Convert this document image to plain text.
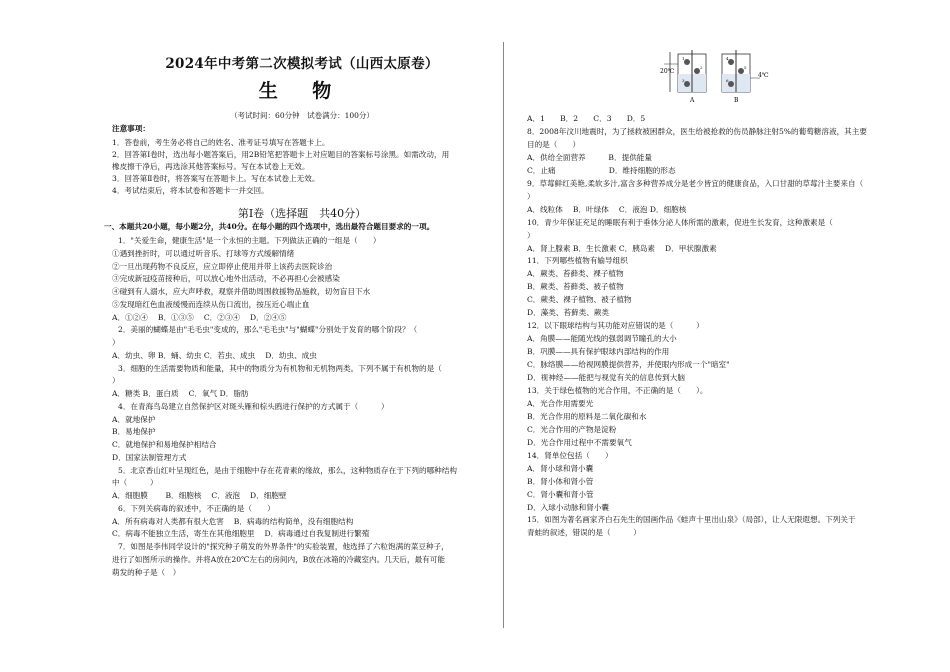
2024年中考第二次模拟考试（山西太原卷）
生 物
（考试时间：60分钟　试卷满分：100分）
注意事项：
1．答卷前，考生务必将自己的姓名、准考证号填写在答题卡上。
2．回答第Ⅰ卷时，选出每小题答案后，用2B铅笔把答题卡上对应题目的答案标号涂黑。如需改动，用
橡皮擦干净后，再选涂其他答案标号。写在本试卷上无效。
3．回答第Ⅱ卷时，将答案写在答题卡上。写在本试卷上无效。
4．考试结束后，将本试卷和答题卡一并交回。
第Ⅰ卷（选择题　共40分）
一、本题共20小题，每小题2分，共40分。在每小题的四个选项中，选出最符合题目要求的一项。
1．"关爱生命，健康生活"是一个永恒的主题。下列做法正确的一组是（　　）
①遇到挫折时，可以通过听音乐、打球等方式缓解情绪
②一旦出现药物不良反应，应立即停止使用并带上该药去医院诊治
③完成新冠疫苗接种后，可以放心地外出活动，不必再担心会被感染
④碰到有人溺水，应大声呼救，观察并借助周围救援物品施救，切勿盲目下水
⑤发现暗红色血液缓慢而连续从伤口流出，按压近心端止血
A．①②④　 B．①③⑤　 C．②③④　 D．②④⑤
2．美丽的蝴蝶是由"毛毛虫"变成的，那么"毛毛虫"与"蝴蝶"分别处于发育的哪个阶段？（
）
A．幼虫、卵 B．蛹、幼虫 C．若虫、成虫　 D．幼虫、成虫
3．细胞的生活需要物质和能量，其中的物质分为有机物和无机物两类。下列不属于有机物的是（
）
A．糖类 B．蛋白质　 C．氧气 D．脂肪
4．在青海鸟岛建立自然保护区对斑头雁和棕头鸥进行保护的方式属于（　　　）
A．就地保护
B．易地保护
C．就地保护和易地保护相结合
D．国家法制管理方式
5．北京香山红叶呈现红色，是由于细胞中存在花青素的缘故，那么，这种物质存在于下列的哪种结构
中（　　　）
A．细胞膜　　 B．细胞核　 C．液泡　 D．细胞壁
6．下列关病毒的叙述中，不正确的是（　　）
A．所有病毒对人类都有很大危害　 B．病毒的结构简单，没有细胞结构
C．病毒不能独立生活，寄生在其他细胞里　 D．病毒通过自我复制进行繁殖
7．如图是李伟同学设计的"探究种子萌发的外界条件"的实验装置，他选择了六粒饱满的菜豆种子，
进行了如图所示的操作。并将A放在20℃左右的房间内，B放在冰箱的冷藏室内。几天后，最有可能
萌发的种子是（　）
A．1　　B．2　　C．3　　D．5
8．2008年汶川地震时，为了拯救被困群众，医生给被抢救的伤员静脉注射5%的葡萄糖溶液，其主要
目的是（　　）
A．供给全面营养　　　B．提供能量
C．止痛　　　　　　　D．维持细胞的形态
9．草莓鲜红美艳,柔软多汁,富含多种营养成分是老少皆宜的健康食品，入口甘甜的草莓汁主要来自（
）
A．线粒体　 B．叶绿体　 C．液泡 D．细胞核
10．青少年保证充足的睡眠有利于垂体分泌人体所需的激素，促进生长发育，这种激素是（
）
A．肾上腺素 B．生长激素 C．胰岛素　 D．甲状腺激素
11．下列哪些植物有输导组织
A．蕨类、苔藓类、裸子植物
B．蕨类、苔藓类、被子植物
C．蕨类、裸子植物、被子植物
D．藻类、苔藓类、蕨类
12．以下眼球结构与其功能对应错误的是（　　　）
A．角膜——能随光线的强弱调节瞳孔的大小
B．巩膜——具有保护眼球内部结构的作用
C．脉络膜——给视网膜提供营养，并使眼内形成一个"暗室"
D．视神经——能把与视觉有关的信息传到大脑
13．关于绿色植物的光合作用，不正确的是（　　）。
A．光合作用需要光
B．光合作用的原料是二氧化碳和水
C．光合作用的产物是淀粉
D．光合作用过程中不需要氧气
14．肾单位包括（　　）
A．肾小球和肾小囊
B．肾小体和肾小管
C．肾小囊和肾小管
D．入球小动脉和肾小囊
15．如图为著名画家齐白石先生的国画作品《蛙声十里出山泉》（局部），让人无限遐想。下列关于
青蛙的叙述，错误的是（　　　）
20℃
4℃
A	B
1
2
3
4
5
6
